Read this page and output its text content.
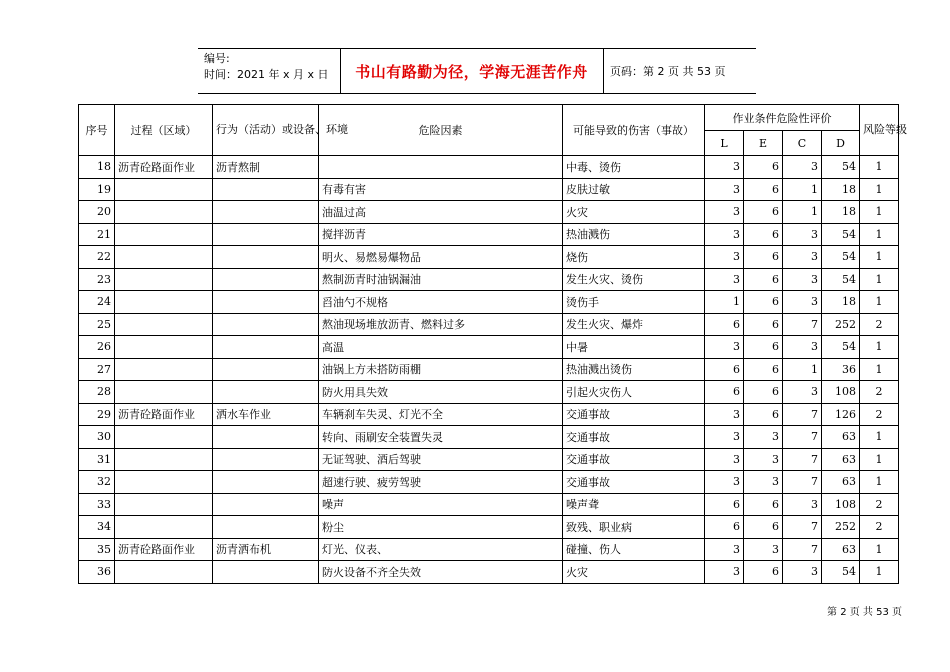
编号:
时间：2021 年 x 月 x 日	书山有路勤为径，学海无涯苦作舟	页码：第 2 页 共 53 页
序号	过程（区域）	行为（活动）或设备、环境	危险因素	可能导致的伤害（事故）	作业条件危险性评价				风险等级
					L	E	C	D	
18	沥青砼路面作业	沥青熬制		中毒、烫伤	3	6	3	54	1
19			有毒有害	皮肤过敏	3	6	1	18	1
20			油温过高	火灾	3	6	1	18	1
21			搅拌沥青	热油溅伤	3	6	3	54	1
22			明火、易燃易爆物品	烧伤	3	6	3	54	1
23			熬制沥青时油锅漏油	发生火灾、烫伤	3	6	3	54	1
24			舀油勺不规格	烫伤手	1	6	3	18	1
25			熬油现场堆放沥青、燃料过多	发生火灾、爆炸	6	6	7	252	2
26			高温	中暑	3	6	3	54	1
27			油锅上方未搭防雨棚	热油溅出烫伤	6	6	1	36	1
28			防火用具失效	引起火灾伤人	6	6	3	108	2
29	沥青砼路面作业	洒水车作业	车辆刹车失灵、灯光不全	交通事故	3	6	7	126	2
30			转向、雨刷安全装置失灵	交通事故	3	3	7	63	1
31			无证驾驶、酒后驾驶	交通事故	3	3	7	63	1
32			超速行驶、疲劳驾驶	交通事故	3	3	7	63	1
33			噪声	噪声聋	6	6	3	108	2
34			粉尘	致残、职业病	6	6	7	252	2
35	沥青砼路面作业	沥青洒布机	灯光、仪表、	碰撞、伤人	3	3	7	63	1
36			防火设备不齐全失效	火灾	3	6	3	54	1
第 2 页 共 53 页
